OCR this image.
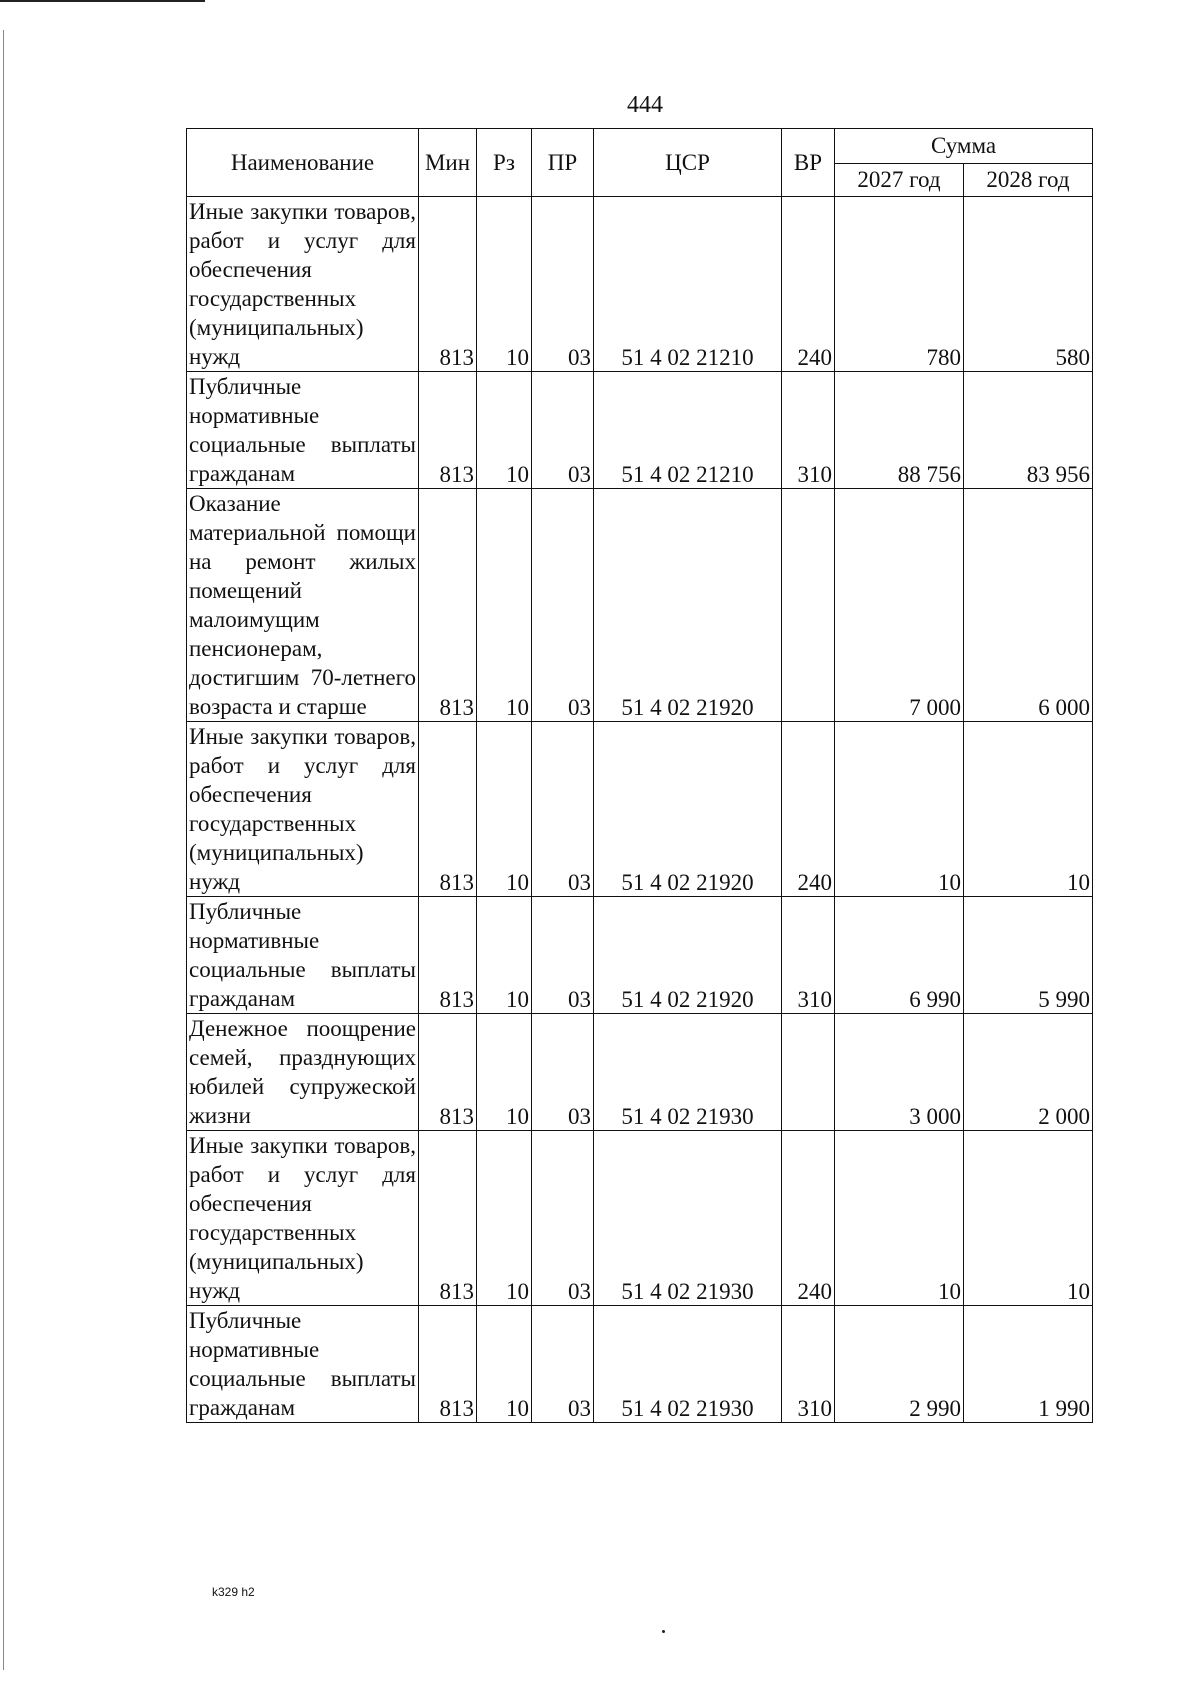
444
Наименование	Мин	Рз	ПР	ЦСР	ВР	Сумма	
						2027 год	2028 год
Иные закупки товаров, работ и услуг для обеспечения государственных (муниципальных) нужд	813	10	03	51 4 02 21210	240	780	580
Публичные нормативные социальные выплаты гражданам	813	10	03	51 4 02 21210	310	88 756	83 956
Оказание материальной помощи на ремонт жилых помещений малоимущим пенсионерам, достигшим 70-летнего возраста и старше	813	10	03	51 4 02 21920		7 000	6 000
Иные закупки товаров, работ и услуг для обеспечения государственных (муниципальных) нужд	813	10	03	51 4 02 21920	240	10	10
Публичные нормативные социальные выплаты гражданам	813	10	03	51 4 02 21920	310	6 990	5 990
Денежное поощрение семей, празднующих юбилей супружеской жизни	813	10	03	51 4 02 21930		3 000	2 000
Иные закупки товаров, работ и услуг для обеспечения государственных (муниципальных) нужд	813	10	03	51 4 02 21930	240	10	10
Публичные нормативные социальные выплаты гражданам	813	10	03	51 4 02 21930	310	2 990	1 990
k329 h2
